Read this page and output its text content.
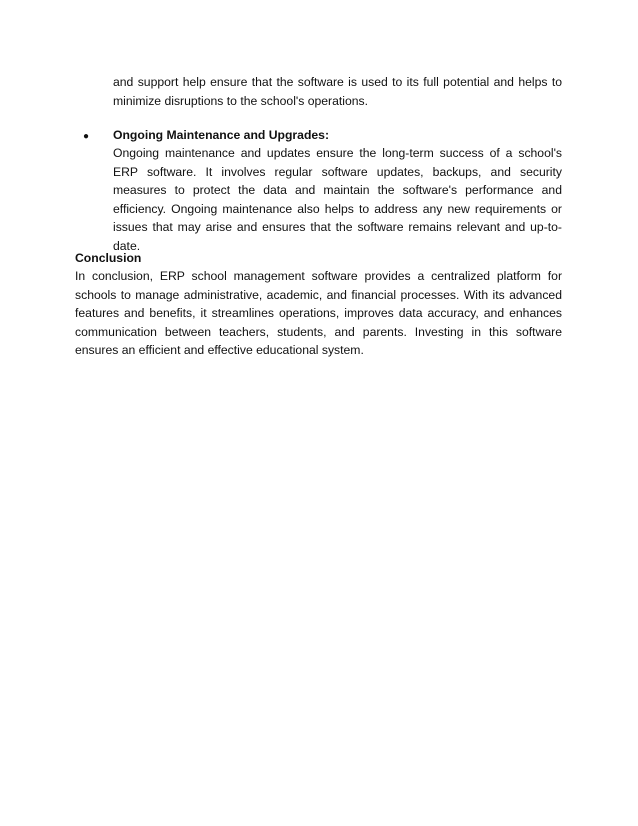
and support help ensure that the software is used to its full potential and helps to minimize disruptions to the school's operations.

● Ongoing Maintenance and Upgrades:

Ongoing maintenance and updates ensure the long-term success of a school's ERP software. It involves regular software updates, backups, and security measures to protect the data and maintain the software's performance and efficiency. Ongoing maintenance also helps to address any new requirements or issues that may arise and ensures that the software remains relevant and up-to-date.

Conclusion

In conclusion, ERP school management software provides a centralized platform for schools to manage administrative, academic, and financial processes. With its advanced features and benefits, it streamlines operations, improves data accuracy, and enhances communication between teachers, students, and parents. Investing in this software ensures an efficient and effective educational system.
